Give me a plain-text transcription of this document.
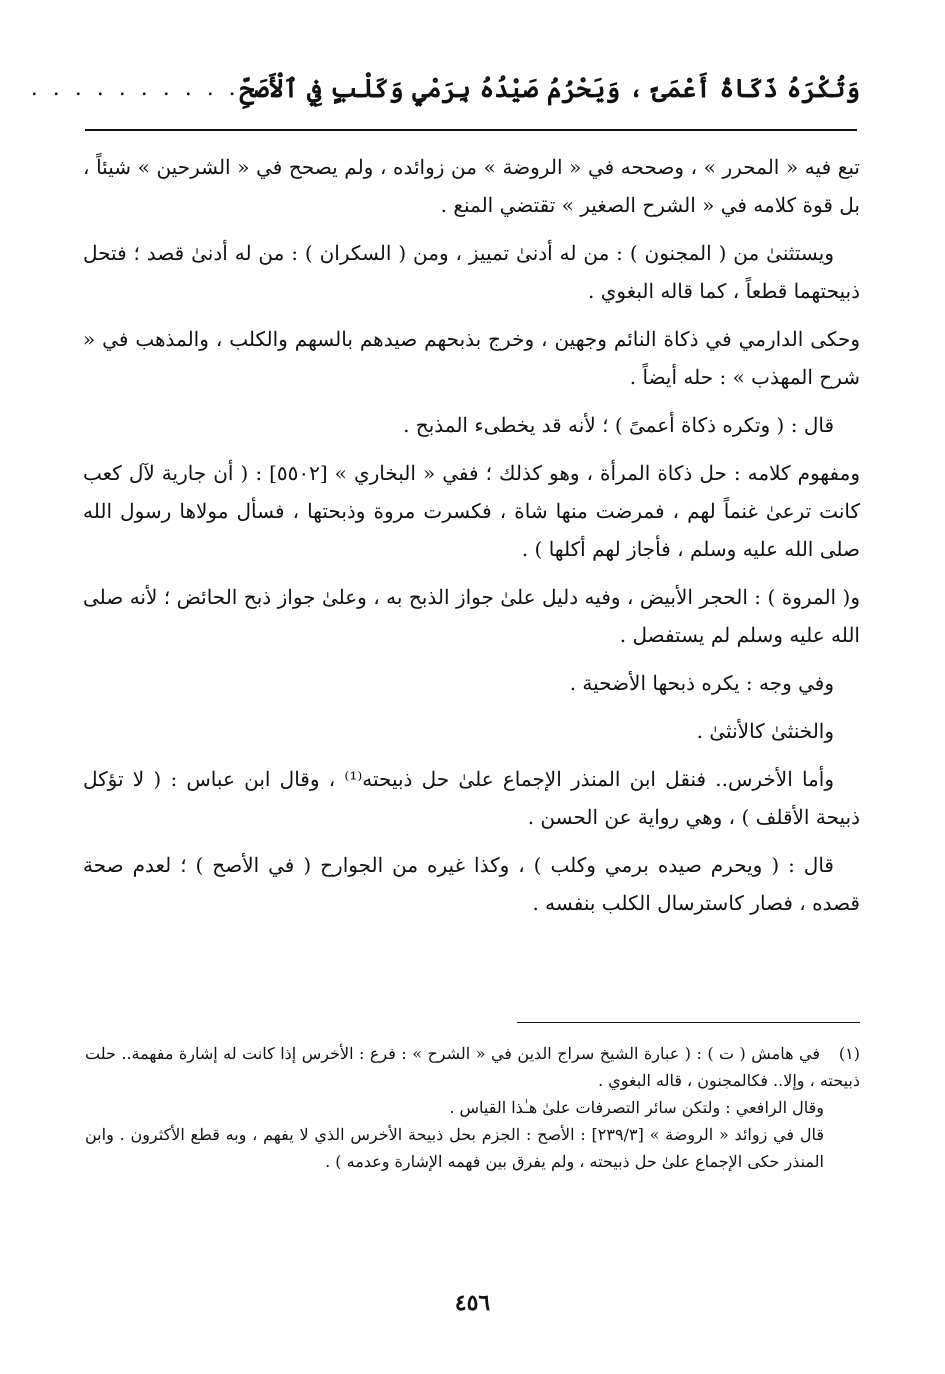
وَتُكْرَهُ ذَكَاةُ أَعْمَىً ، وَيَحْرُمُ صَيْدُهُ بِرَمْيٍ وَكَلْبٍ فِي ٱلْأَصَحِّ
. . . . . . . . . .

تبع فيه « المحرر » ، وصححه في « الروضة » من زوائده ، ولم يصحح في « الشرحين » شيئاً ، بل قوة كلامه في « الشرح الصغير » تقتضي المنع .

ويستثنىٰ من ( المجنون ) : من له أدنىٰ تمييز ، ومن ( السكران ) : من له أدنىٰ قصد ؛ فتحل ذبيحتهما قطعاً ، كما قاله البغوي .

وحكى الدارمي في ذكاة النائم وجهين ، وخرج بذبحهم صيدهم بالسهم والكلب ، والمذهب في « شرح المهذب » : حله أيضاً .

قال : ( وتكره ذكاة أعمىً ) ؛ لأنه قد يخطىء المذبح .

ومفهوم كلامه : حل ذكاة المرأة ، وهو كذلك ؛ ففي « البخاري » [٥٥٠٢] : ( أن جارية لآل كعب كانت ترعىٰ غنماً لهم ، فمرضت منها شاة ، فكسرت مروة وذبحتها ، فسأل مولاها رسول الله صلى الله عليه وسلم ، فأجاز لهم أكلها ) .

و( المروة ) : الحجر الأبيض ، وفيه دليل علىٰ جواز الذبح به ، وعلىٰ جواز ذبح الحائض ؛ لأنه صلى الله عليه وسلم لم يستفصل .

وفي وجه : يكره ذبحها الأضحية .

والخنثىٰ كالأنثىٰ .

وأما الأخرس.. فنقل ابن المنذر الإجماع علىٰ حل ذبيحته⁽¹⁾ ، وقال ابن عباس : ( لا تؤكل ذبيحة الأقلف ) ، وهي رواية عن الحسن .

قال : ( ويحرم صيده برمي وكلب ) ، وكذا غيره من الجوارح ( في الأصح ) ؛ لعدم صحة قصده ، فصار كاسترسال الكلب بنفسه .

(١)في هامش ( ت ) : ( عبارة الشيخ سراج الدين في « الشرح » : فرع : الأخرس إذا كانت له إشارة مفهمة.. حلت ذبيحته ، وإلا.. فكالمجنون ، قاله البغوي .

وقال الرافعي : ولتكن سائر التصرفات علىٰ هـٰذا القياس .

قال في زوائد « الروضة » [٢٣٩/٣] : الأصح : الجزم بحل ذبيحة الأخرس الذي لا يفهم ، وبه قطع الأكثرون . وابن المنذر حكى الإجماع علىٰ حل ذبيحته ، ولم يفرق بين فهمه الإشارة وعدمه ) .

٤٥٦
